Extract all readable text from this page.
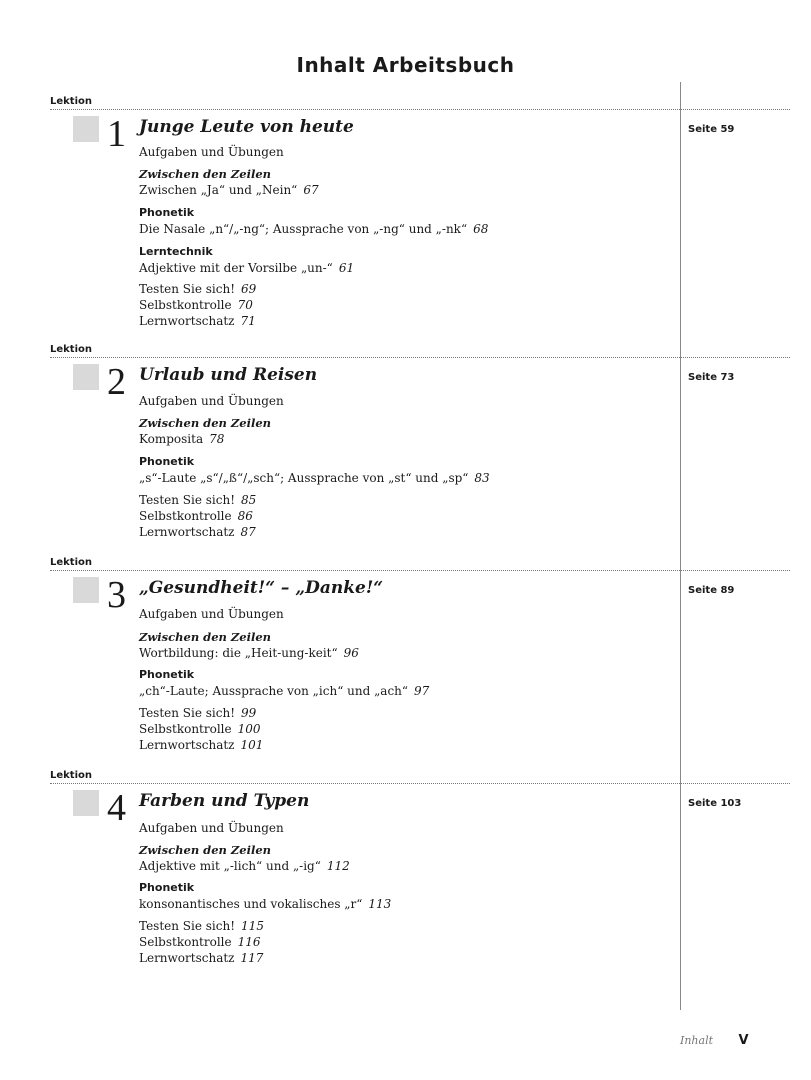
Inhalt Arbeitsbuch
Lektion
1 Junge Leute von heute	Seite 59
Aufgaben und Übungen
Zwischen den Zeilen
Zwischen „Ja“ und „Nein“ 67
Phonetik
Die Nasale „n“/„-ng“; Aussprache von „-ng“ und „-nk“ 68
Lerntechnik
Adjektive mit der Vorsilbe „un-“ 61
Testen Sie sich! 69
Selbstkontrolle 70
Lernwortschatz 71
Lektion
2 Urlaub und Reisen	Seite 73
Aufgaben und Übungen
Zwischen den Zeilen
Komposita 78
Phonetik
„s“-Laute „s“/„ß“/„sch“; Aussprache von „st“ und „sp“ 83
Testen Sie sich! 85
Selbstkontrolle 86
Lernwortschatz 87
Lektion
3 „Gesundheit!“ – „Danke!“	Seite 89
Aufgaben und Übungen
Zwischen den Zeilen
Wortbildung: die „Heit-ung-keit“ 96
Phonetik
„ch“-Laute; Aussprache von „ich“ und „ach“ 97
Testen Sie sich! 99
Selbstkontrolle 100
Lernwortschatz 101
Lektion
4 Farben und Typen	Seite 103
Aufgaben und Übungen
Zwischen den Zeilen
Adjektive mit „-lich“ und „-ig“ 112
Phonetik
konsonantisches und vokalisches „r“ 113
Testen Sie sich! 115
Selbstkontrolle 116
Lernwortschatz 117
Inhalt V
